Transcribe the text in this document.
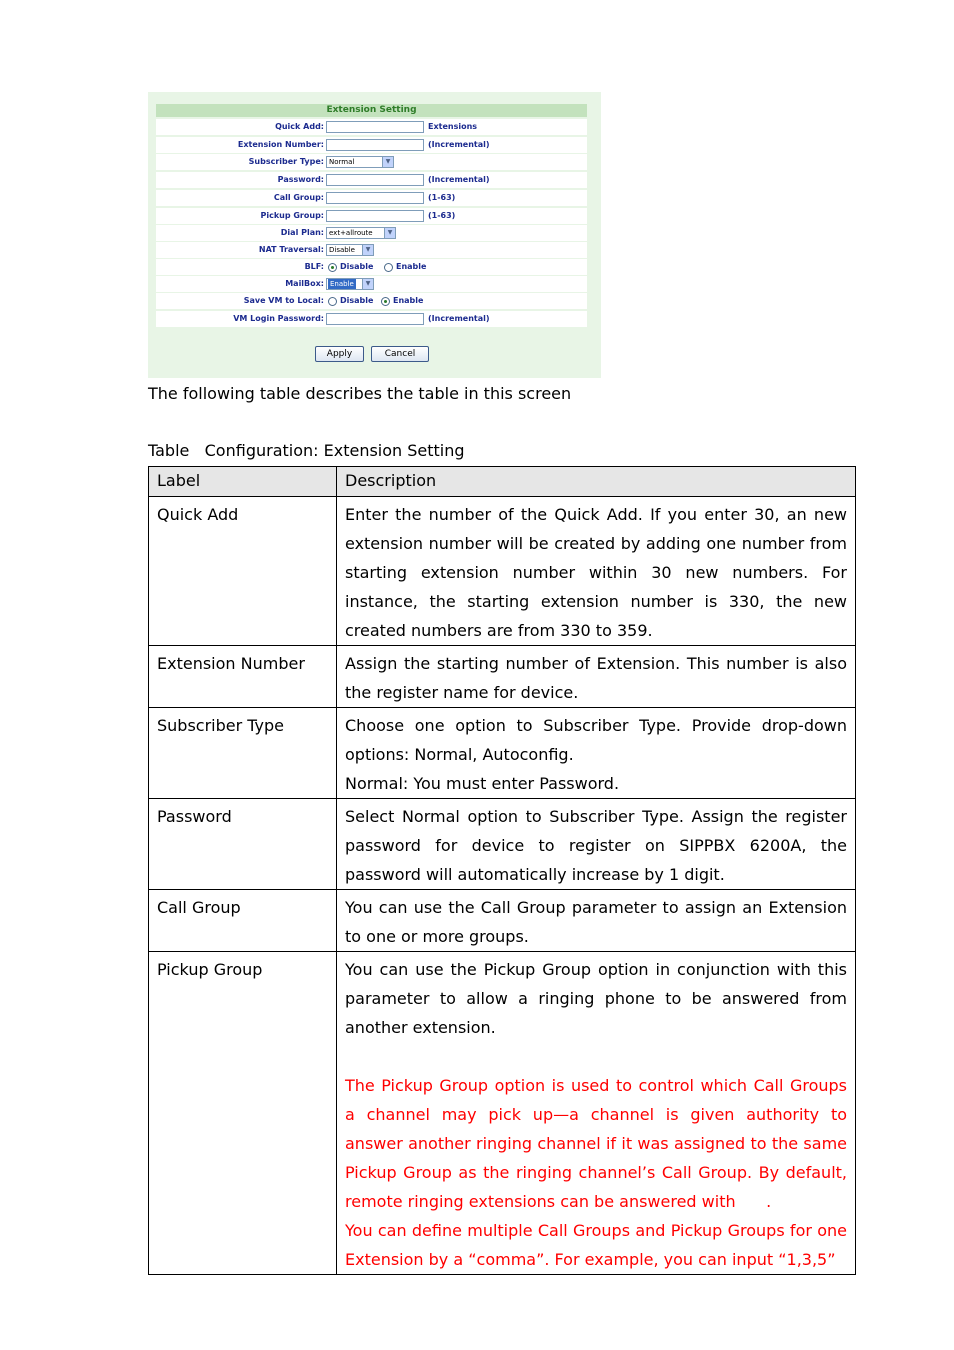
Extension Setting
Quick Add:	Extensions
Extension Number:	(Incremental)
Subscriber Type: Normal	▼
Password:	(Incremental)
Call Group:	(1-63)
Pickup Group:	(1-63)
Dial Plan: ext+allroute	▼
NAT Traversal: Disable	▼
BLF: Disable	Enable
MailBox: Enable	▼
Save VM to Local: Disable Enable
VM Login Password:	(Incremental)
Apply	Cancel
The following table describes the table in this screen
Table   Configuration: Extension Setting
Label	Description
Quick Add	Enter the number of the Quick Add. If you enter 30, an new extension number will be created by adding one number from starting extension number within 30 new numbers. For instance, the starting extension number is 330, the new created numbers are from 330 to 359.
Extension Number	Assign the starting number of Extension. This number is also the register name for device.
Subscriber Type	Choose one option to Subscriber Type. Provide drop-down options: Normal, Autoconfig.
Normal: You must enter Password.

Password	Select Normal option to Subscriber Type. Assign the register password for device to register on SIPPBX 6200A, the password will automatically increase by 1 digit.
Call Group	You can use the Call Group parameter to assign an Extension to one or more groups.
Pickup Group	You can use the Pickup Group option in conjunction with this parameter to allow a ringing phone to be answered from another extension.
The Pickup Group option is used to control which Call Groups a channel may pick up—a channel is given authority to answer another ringing channel if it was assigned to the same Pickup Group as the ringing channel’s Call Group. By default, remote ringing extensions can be answered with      .
You can define multiple Call Groups and Pickup Groups for one Extension by a “comma”. For example, you can input “1,3,5”
